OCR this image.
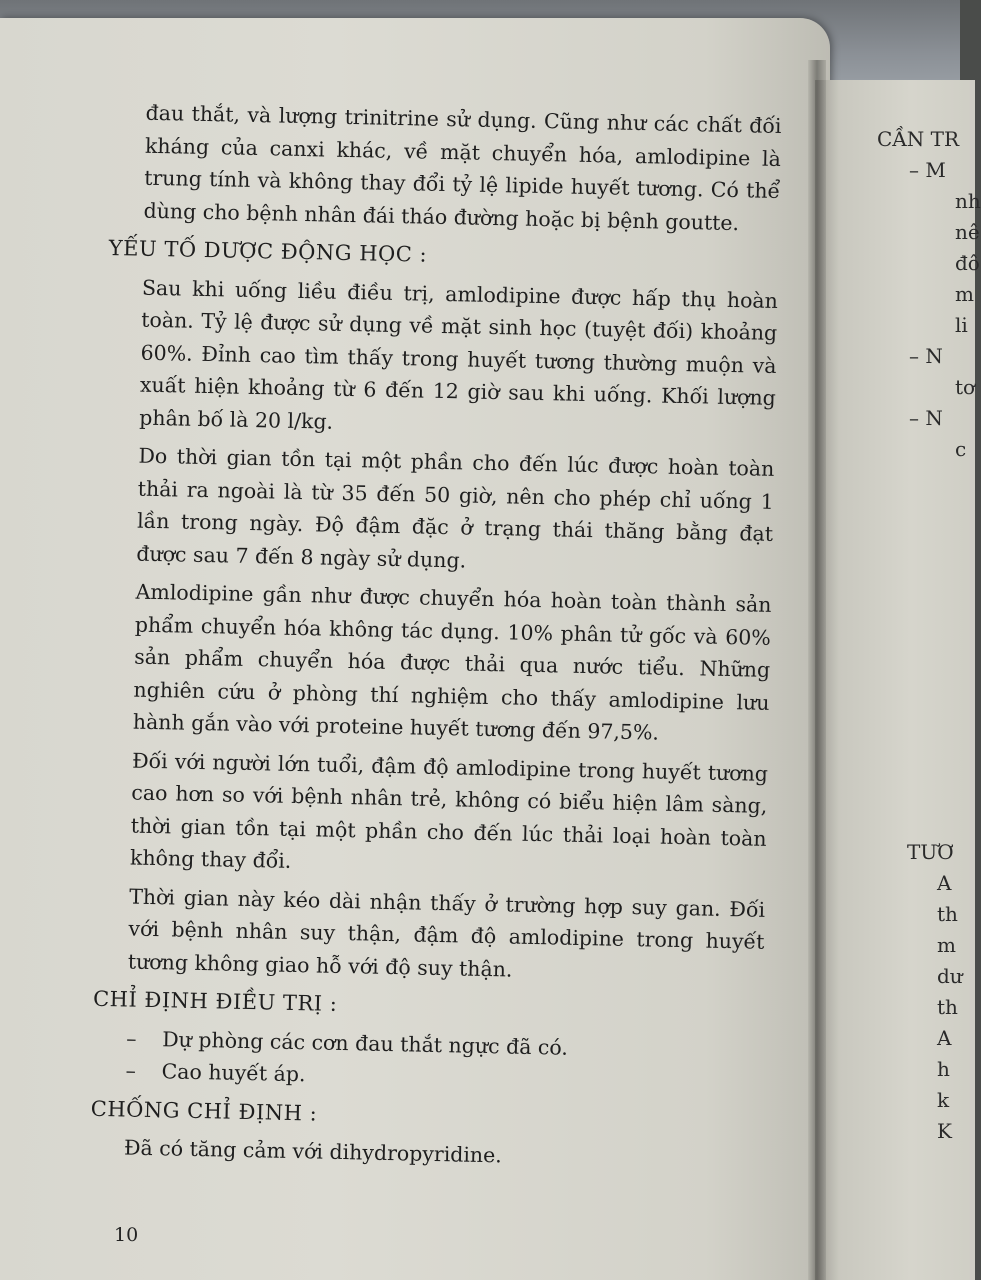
CẦN TR
– M
nh
nê
đô
m
li
– N
tơ
– N
c

TƯƠ
A
th
m
dư
th
A
h
k
K

đau thắt, và lượng trinitrine sử dụng. Cũng như các chất đối kháng của canxi khác, về mặt chuyển hóa, amlodipine là trung tính và không thay đổi tỷ lệ lipide huyết tương. Có thể dùng cho bệnh nhân đái tháo đường hoặc bị bệnh goutte.

YẾU TỐ DƯỢC ĐỘNG HỌC :

Sau khi uống liều điều trị, amlodipine được hấp thụ hoàn toàn. Tỷ lệ được sử dụng về mặt sinh học (tuyệt đối) khoảng 60%. Đỉnh cao tìm thấy trong huyết tương thường muộn và xuất hiện khoảng từ 6 đến 12 giờ sau khi uống. Khối lượng phân bố là 20 l/kg.

Do thời gian tồn tại một phần cho đến lúc được hoàn toàn thải ra ngoài là từ 35 đến 50 giờ, nên cho phép chỉ uống 1 lần trong ngày. Độ đậm đặc ở trạng thái thăng bằng đạt được sau 7 đến 8 ngày sử dụng.

Amlodipine gần như được chuyển hóa hoàn toàn thành sản phẩm chuyển hóa không tác dụng. 10% phân tử gốc và 60% sản phẩm chuyển hóa được thải qua nước tiểu. Những nghiên cứu ở phòng thí nghiệm cho thấy amlodipine lưu hành gắn vào với proteine huyết tương đến 97,5%.

Đối với người lớn tuổi, đậm độ amlodipine trong huyết tương cao hơn so với bệnh nhân trẻ, không có biểu hiện lâm sàng, thời gian tồn tại một phần cho đến lúc thải loại hoàn toàn không thay đổi.

Thời gian này kéo dài nhận thấy ở trường hợp suy gan. Đối với bệnh nhân suy thận, đậm độ amlodipine trong huyết tương không giao hỗ với độ suy thận.

CHỈ ĐỊNH ĐIỀU TRỊ :
– Dự phòng các cơn đau thắt ngực đã có.
– Cao huyết áp.
CHỐNG CHỈ ĐỊNH :

Đã có tăng cảm với dihydropyridine.

10
